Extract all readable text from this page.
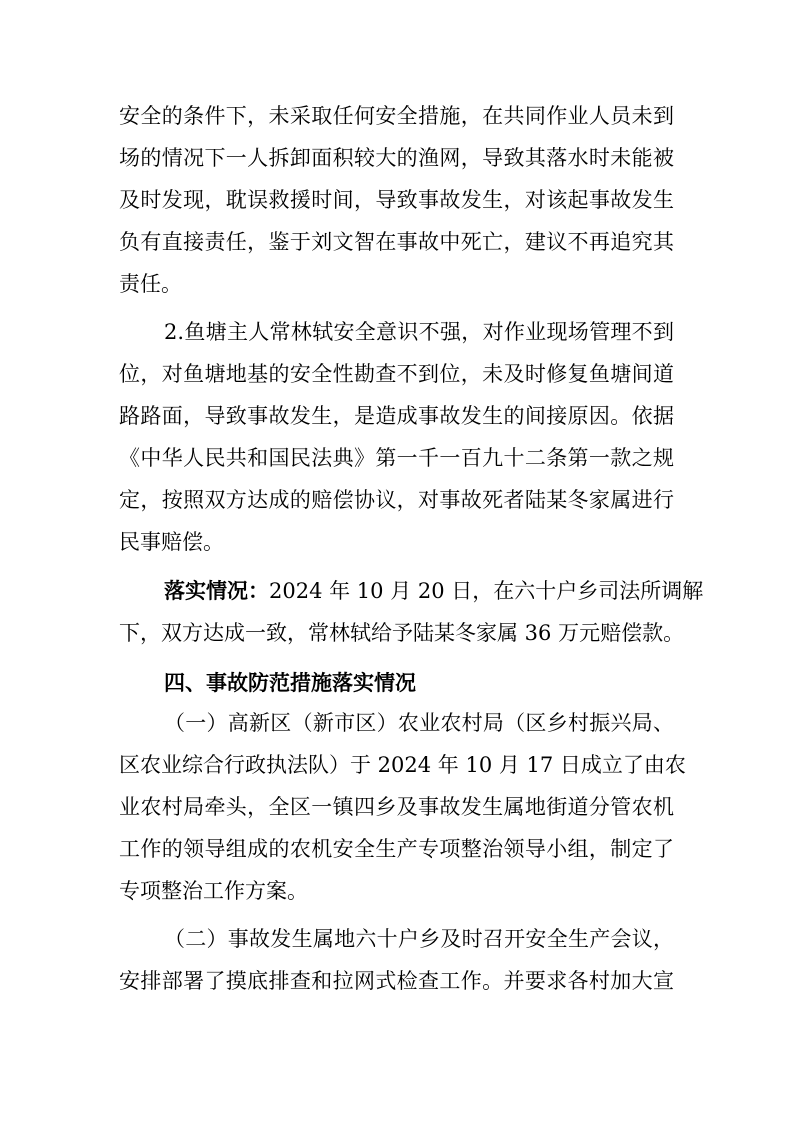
安全的条件下，未采取任何安全措施，在共同作业人员未到
场的情况下一人拆卸面积较大的渔网，导致其落水时未能被
及时发现，耽误救援时间，导致事故发生，对该起事故发生
负有直接责任，鉴于刘文智在事故中死亡，建议不再追究其
责任。
2.鱼塘主人常林轼安全意识不强，对作业现场管理不到
位，对鱼塘地基的安全性勘查不到位，未及时修复鱼塘间道
路路面，导致事故发生，是造成事故发生的间接原因。依据
《中华人民共和国民法典》第一千一百九十二条第一款之规
定，按照双方达成的赔偿协议，对事故死者陆某冬家属进行
民事赔偿。
落实情况：2024 年 10 月 20 日，在六十户乡司法所调解
下，双方达成一致，常林轼给予陆某冬家属 36 万元赔偿款。
四、事故防范措施落实情况
（一）高新区（新市区）农业农村局（区乡村振兴局、
区农业综合行政执法队）于 2024 年 10 月 17 日成立了由农
业农村局牵头，全区一镇四乡及事故发生属地街道分管农机
工作的领导组成的农机安全生产专项整治领导小组，制定了
专项整治工作方案。
（二）事故发生属地六十户乡及时召开安全生产会议，
安排部署了摸底排查和拉网式检查工作。并要求各村加大宣
